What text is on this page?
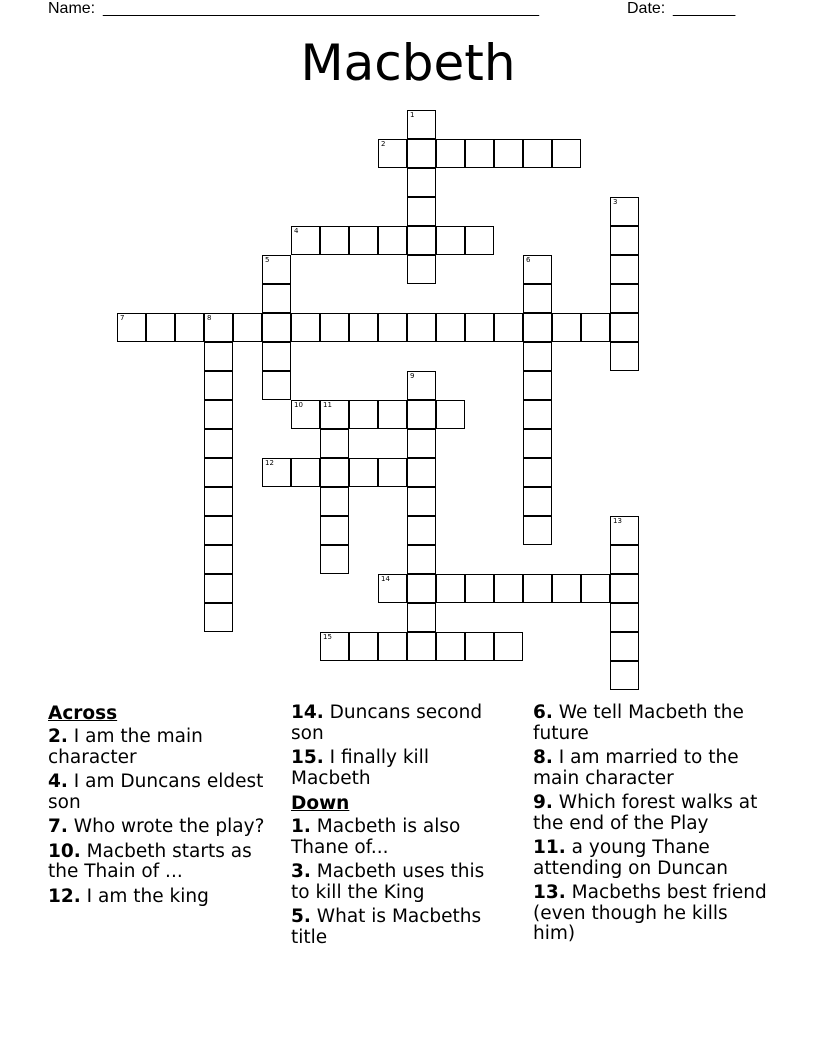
Name: _________________________________________________	Date: _______
Macbeth
1
2
3
4
5	6
7	8
9
10	11
12
13
14
15
Across
2. I am the main character
4. I am Duncans eldest son
7. Who wrote the play?
10. Macbeth starts as the Thain of ...
12. I am the king
14. Duncans second son
15. I finally kill Macbeth
Down
1. Macbeth is also Thane of...
3. Macbeth uses this to kill the King
5. What is Macbeths title
6. We tell Macbeth the future
8. I am married to the main character
9. Which forest walks at the end of the Play
11. a young Thane attending on Duncan
13. Macbeths best friend (even though he kills him)
